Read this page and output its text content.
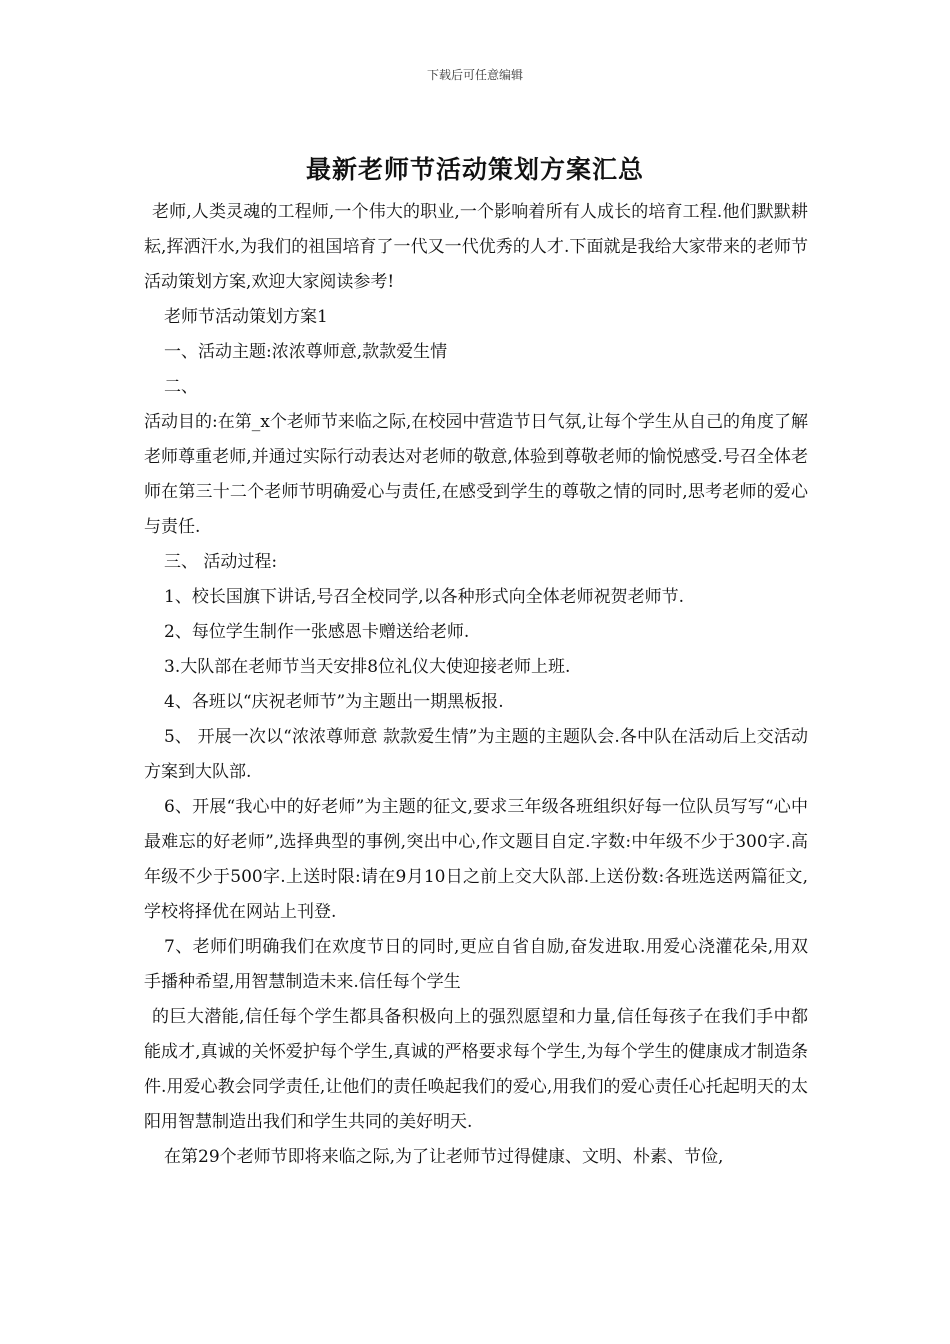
下载后可任意编辑
最新老师节活动策划方案汇总

老师,人类灵魂的工程师,一个伟大的职业,一个影响着所有人成长的培育工程.他们默默耕耘,挥洒汗水,为我们的祖国培育了一代又一代优秀的人才.下面就是我给大家带来的老师节活动策划方案,欢迎大家阅读参考!

老师节活动策划方案1

一、活动主题:浓浓尊师意,款款爱生情

二、

活动目的:在第_x个老师节来临之际,在校园中营造节日气氛,让每个学生从自己的角度了解老师尊重老师,并通过实际行动表达对老师的敬意,体验到尊敬老师的愉悦感受.号召全体老师在第三十二个老师节明确爱心与责任,在感受到学生的尊敬之情的同时,思考老师的爱心与责任.

三、 活动过程:

1、校长国旗下讲话,号召全校同学,以各种形式向全体老师祝贺老师节.

2、每位学生制作一张感恩卡赠送给老师.

3.大队部在老师节当天安排8位礼仪大使迎接老师上班.

4、各班以“庆祝老师节”为主题出一期黑板报.

5、 开展一次以“浓浓尊师意 款款爱生情”为主题的主题队会.各中队在活动后上交活动方案到大队部.

6、开展“我心中的好老师”为主题的征文,要求三年级各班组织好每一位队员写写“心中最难忘的好老师”,选择典型的事例,突出中心,作文题目自定.字数:中年级不少于300字.高年级不少于500字.上送时限:请在9月10日之前上交大队部.上送份数:各班选送两篇征文,学校将择优在网站上刊登.

7、老师们明确我们在欢度节日的同时,更应自省自励,奋发进取.用爱心浇灌花朵,用双手播种希望,用智慧制造未来.信任每个学生

的巨大潜能,信任每个学生都具备积极向上的强烈愿望和力量,信任每孩子在我们手中都能成才,真诚的关怀爱护每个学生,真诚的严格要求每个学生,为每个学生的健康成才制造条件.用爱心教会同学责任,让他们的责任唤起我们的爱心,用我们的爱心责任心托起明天的太阳用智慧制造出我们和学生共同的美好明天.

在第29个老师节即将来临之际,为了让老师节过得健康、文明、朴素、节俭,
